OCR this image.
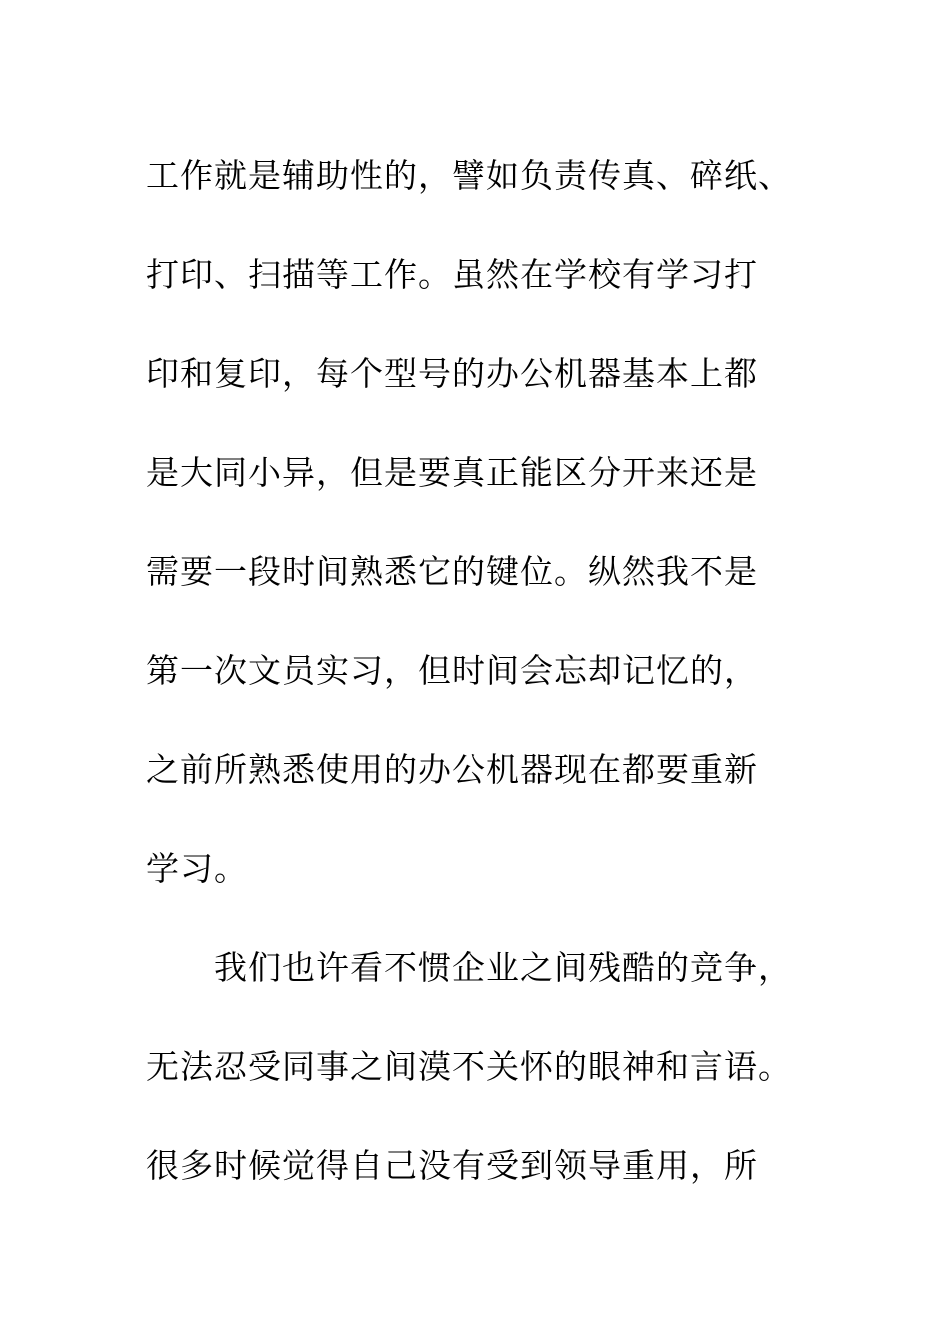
工作就是辅助性的，譬如负责传真、碎纸、
打印、扫描等工作。虽然在学校有学习打
印和复印，每个型号的办公机器基本上都
是大同小异，但是要真正能区分开来还是
需要一段时间熟悉它的键位。纵然我不是
第一次文员实习，但时间会忘却记忆的，
之前所熟悉使用的办公机器现在都要重新
学习。
我们也许看不惯企业之间残酷的竞争，
无法忍受同事之间漠不关怀的眼神和言语。
很多时候觉得自己没有受到领导重用，所
